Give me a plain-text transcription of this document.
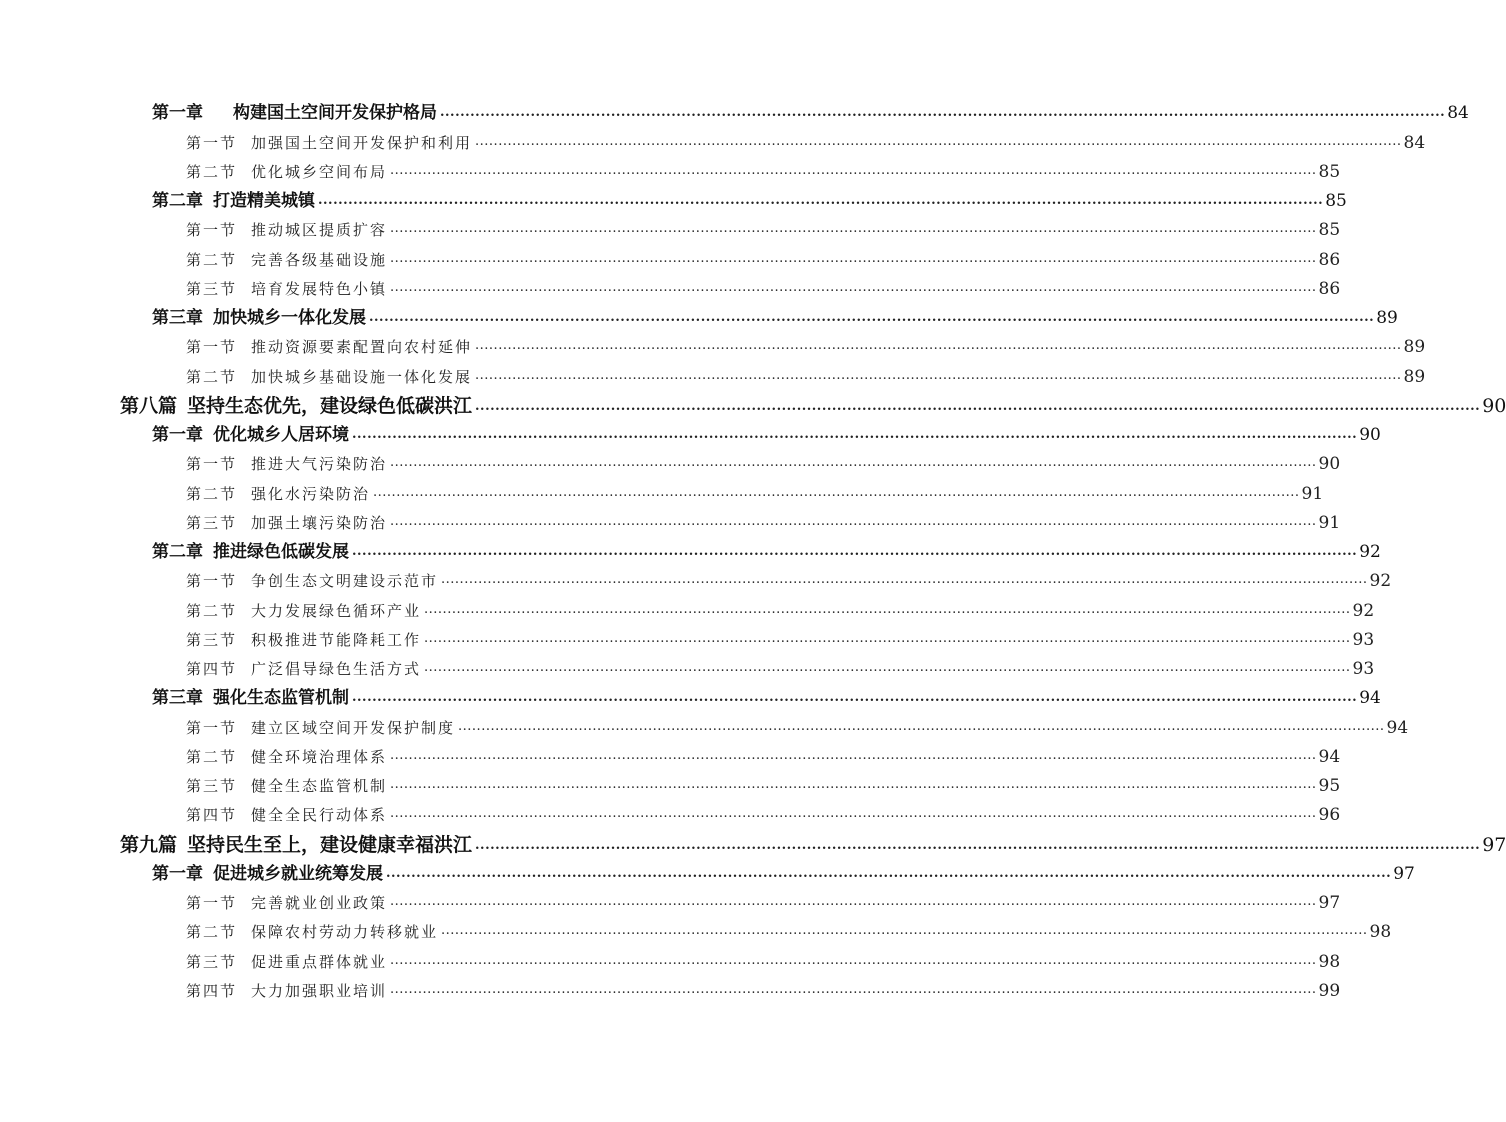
第一章 构建国土空间开发保护格局 ........................................................................................................................................................................................................ 84
第一节 加强国土空间开发保护和利用 ........................................................................................................................................................................................................ 84
第二节 优化城乡空间布局 ........................................................................................................................................................................................................ 85
第二章 打造精美城镇 ........................................................................................................................................................................................................ 85
第一节 推动城区提质扩容 ........................................................................................................................................................................................................ 85
第二节 完善各级基础设施 ........................................................................................................................................................................................................ 86
第三节 培育发展特色小镇 ........................................................................................................................................................................................................ 86
第三章 加快城乡一体化发展 ........................................................................................................................................................................................................ 89
第一节 推动资源要素配置向农村延伸 ........................................................................................................................................................................................................ 89
第二节 加快城乡基础设施一体化发展 ........................................................................................................................................................................................................ 89
第八篇 坚持生态优先，建设绿色低碳洪江 ........................................................................................................................................................................................................ 90
第一章 优化城乡人居环境 ........................................................................................................................................................................................................ 90
第一节 推进大气污染防治 ........................................................................................................................................................................................................ 90
第二节 强化水污染防治 ........................................................................................................................................................................................................ 91
第三节 加强土壤污染防治 ........................................................................................................................................................................................................ 91
第二章 推进绿色低碳发展 ........................................................................................................................................................................................................ 92
第一节 争创生态文明建设示范市 ........................................................................................................................................................................................................ 92
第二节 大力发展绿色循环产业 ........................................................................................................................................................................................................ 92
第三节 积极推进节能降耗工作 ........................................................................................................................................................................................................ 93
第四节 广泛倡导绿色生活方式 ........................................................................................................................................................................................................ 93
第三章 强化生态监管机制 ........................................................................................................................................................................................................ 94
第一节 建立区域空间开发保护制度 ........................................................................................................................................................................................................ 94
第二节 健全环境治理体系 ........................................................................................................................................................................................................ 94
第三节 健全生态监管机制 ........................................................................................................................................................................................................ 95
第四节 健全全民行动体系 ........................................................................................................................................................................................................ 96
第九篇 坚持民生至上，建设健康幸福洪江 ........................................................................................................................................................................................................ 97
第一章 促进城乡就业统筹发展 ........................................................................................................................................................................................................ 97
第一节 完善就业创业政策 ........................................................................................................................................................................................................ 97
第二节 保障农村劳动力转移就业 ........................................................................................................................................................................................................ 98
第三节 促进重点群体就业 ........................................................................................................................................................................................................ 98
第四节 大力加强职业培训 ........................................................................................................................................................................................................ 99
